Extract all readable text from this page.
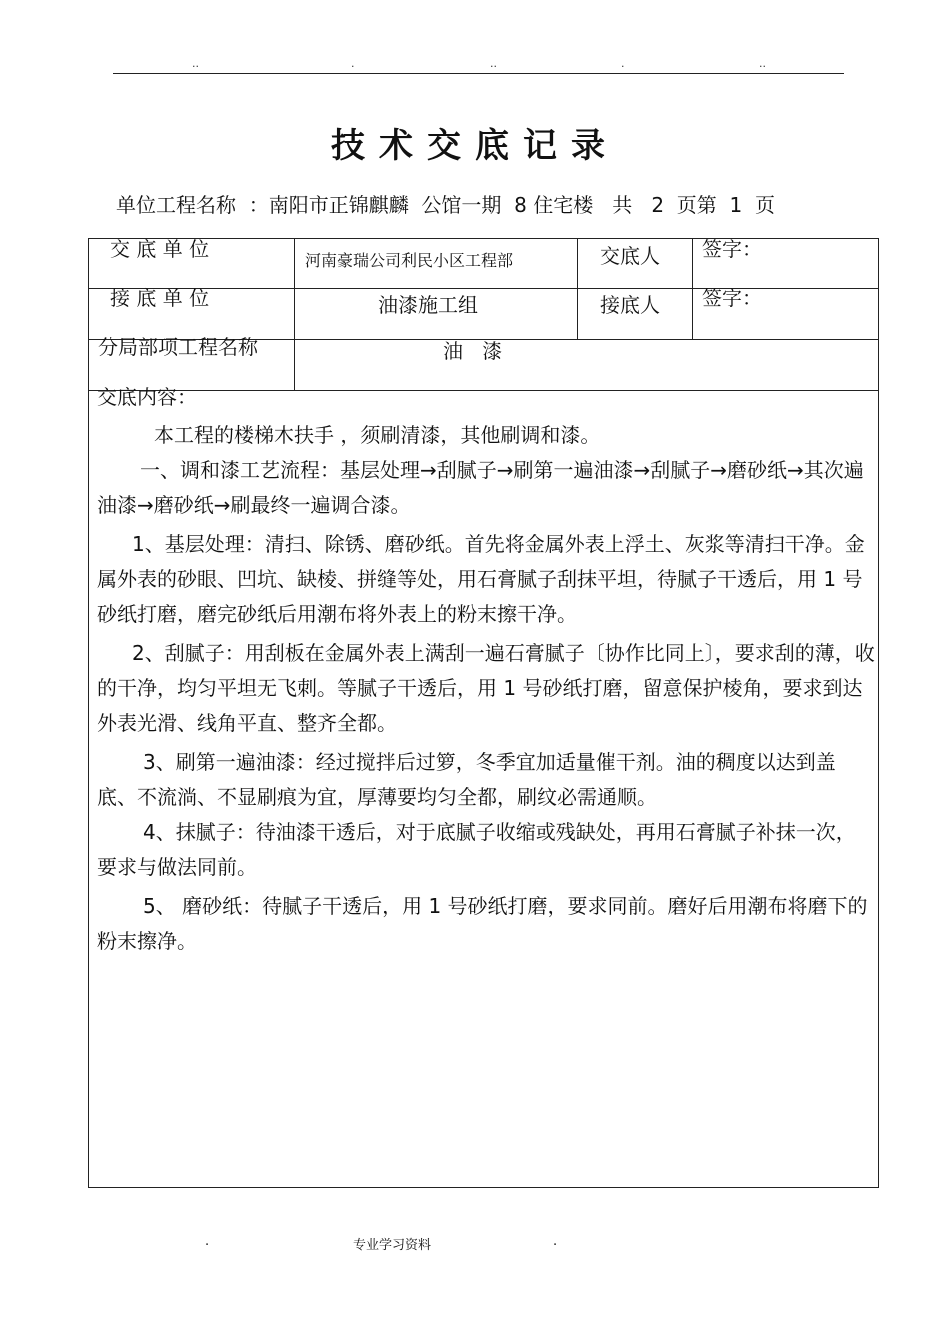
..	.	..	.	..
技术交底记录
单位工程名称  ：南阳市正锦麒麟  公馆一期  8 住宅楼   共   2  页第  1  页
交 底 单 位	河南豪瑞公司利民小区工程部	交底人 签字：
接 底 单 位	油漆施工组	接底人 签字：
分局部项工程名称	油   漆

交底内容：

本工程的楼梯木扶手 ，须刷清漆，其他刷调和漆。

一、调和漆工艺流程：基层处理→刮腻子→刷第一遍油漆→刮腻子→磨砂纸→其次遍油漆→磨砂纸→刷最终一遍调合漆。

1、基层处理：清扫、除锈、磨砂纸。首先将金属外表上浮土、灰浆等清扫干净。金属外表的砂眼、凹坑、缺棱、拼缝等处，用石膏腻子刮抹平坦，待腻子干透后，用 1 号砂纸打磨，磨完砂纸后用潮布将外表上的粉末擦干净。

2、刮腻子：用刮板在金属外表上满刮一遍石膏腻子〔协作比同上〕，要求刮的薄，收的干净，均匀平坦无飞刺。等腻子干透后，用 1 号砂纸打磨，留意保护棱角，要求到达外表光滑、线角平直、整齐全都。

3、刷第一遍油漆：经过搅拌后过箩，冬季宜加适量催干剂。油的稠度以达到盖底、不流淌、不显刷痕为宜，厚薄要均匀全都，刷纹必需通顺。

4、抹腻子：待油漆干透后，对于底腻子收缩或残缺处，再用石膏腻子补抹一次，要求与做法同前。

5、 磨砂纸：待腻子干透后，用 1 号砂纸打磨，要求同前。磨好后用潮布将磨下的粉末擦净。

.	专业学习资料	.
